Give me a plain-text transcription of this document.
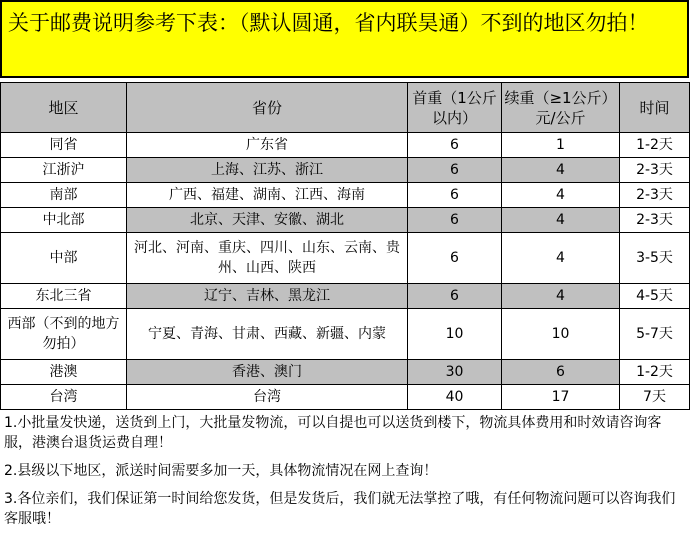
关于邮费说明参考下表：（默认圆通，省内联昊通）不到的地区勿拍！
地区	省份	首重（1公斤以内）	续重（≥1公斤）元/公斤	时间
同省	广东省	6	1	1-2天
江浙沪	上海、江苏、浙江	6	4	2-3天
南部	广西、福建、湖南、江西、海南	6	4	2-3天
中北部	北京、天津、安徽、湖北	6	4	2-3天
中部	河北、河南、重庆、四川、山东、云南、贵州、山西、陕西	6	4	3-5天
东北三省	辽宁、吉林、黑龙江	6	4	4-5天
西部（不到的地方勿拍）	宁夏、青海、甘肃、西藏、新疆、内蒙	10	10	5-7天
港澳	香港、澳门	30	6	1-2天
台湾	台湾	40	17	7天

1.小批量发快递，送货到上门，大批量发物流，可以自提也可以送货到楼下，物流具体费用和时效请咨询客服，港澳台退货运费自理！

2.县级以下地区，派送时间需要多加一天，具体物流情况在网上查询！

3.各位亲们，我们保证第一时间给您发货，但是发货后，我们就无法掌控了哦，有任何物流问题可以咨询我们客服哦！
